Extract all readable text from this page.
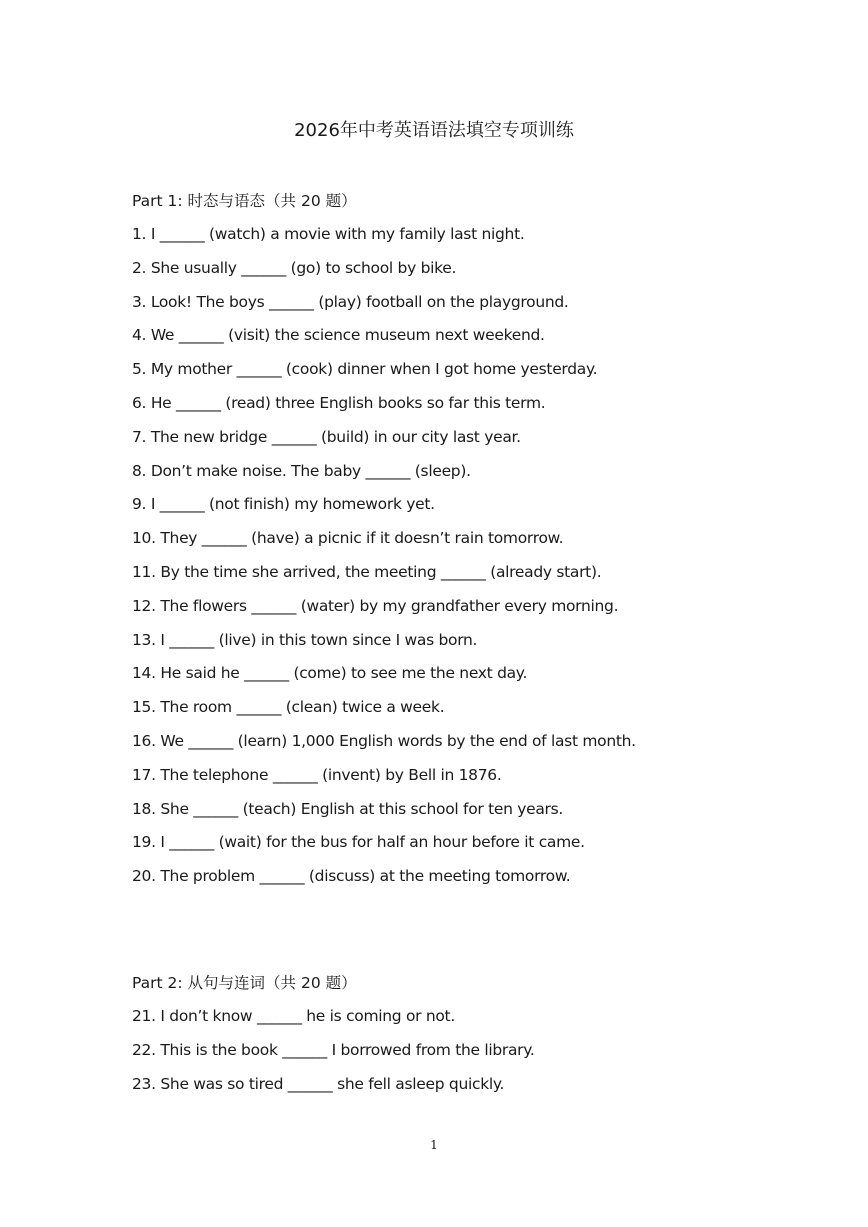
2026年中考英语语法填空专项训练
Part 1: 时态与语态（共 20 题）
1. I ______ (watch) a movie with my family last night.
2. She usually ______ (go) to school by bike.
3. Look! The boys ______ (play) football on the playground.
4. We ______ (visit) the science museum next weekend.
5. My mother ______ (cook) dinner when I got home yesterday.
6. He ______ (read) three English books so far this term.
7. The new bridge ______ (build) in our city last year.
8. Don’t make noise. The baby ______ (sleep).
9. I ______ (not finish) my homework yet.
10. They ______ (have) a picnic if it doesn’t rain tomorrow.
11. By the time she arrived, the meeting ______ (already start).
12. The flowers ______ (water) by my grandfather every morning.
13. I ______ (live) in this town since I was born.
14. He said he ______ (come) to see me the next day.
15. The room ______ (clean) twice a week.
16. We ______ (learn) 1,000 English words by the end of last month.
17. The telephone ______ (invent) by Bell in 1876.
18. She ______ (teach) English at this school for ten years.
19. I ______ (wait) for the bus for half an hour before it came.
20. The problem ______ (discuss) at the meeting tomorrow.
Part 2: 从句与连词（共 20 题）
21. I don’t know ______ he is coming or not.
22. This is the book ______ I borrowed from the library.
23. She was so tired ______ she fell asleep quickly.
1
